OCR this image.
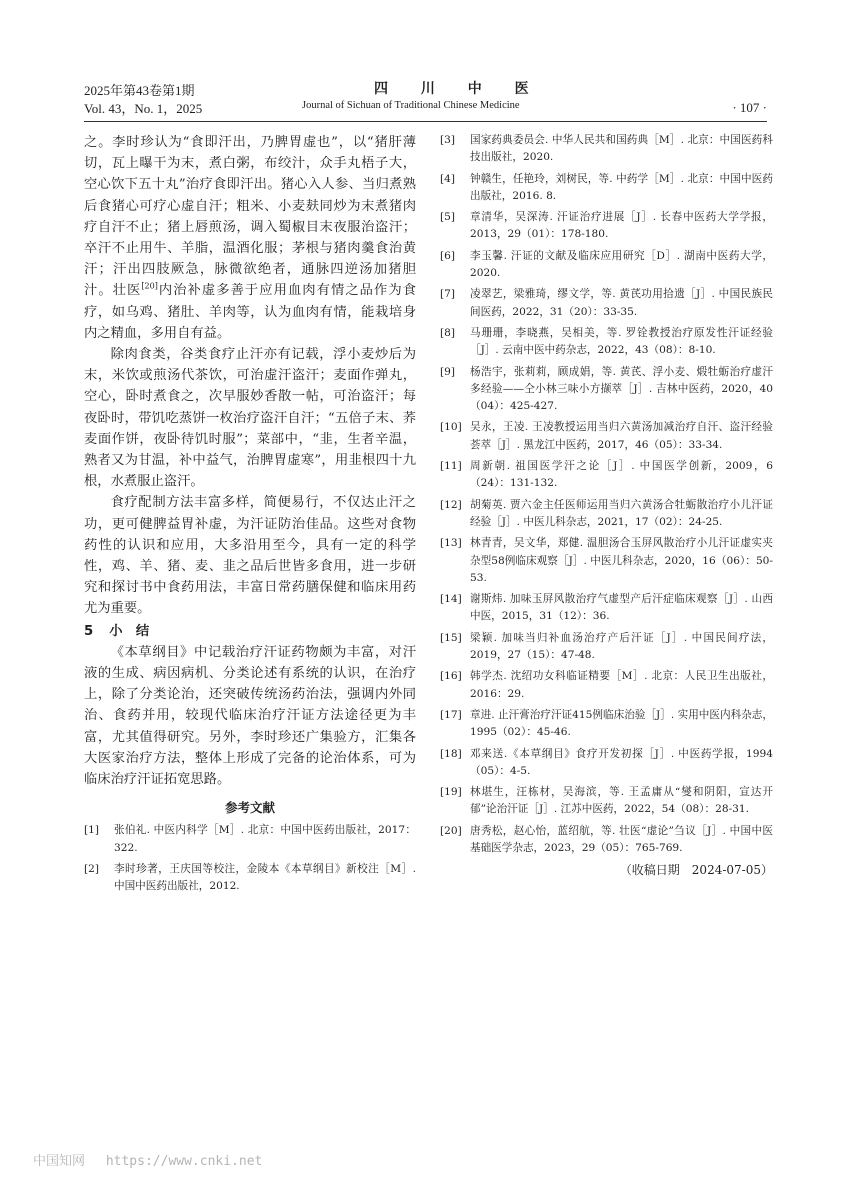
2025年第43卷第1期
Vol. 43，No. 1，2025
四 川 中 医
Journal of Sichuan of Traditional Chinese Medicine	· 107 ·

之。李时珍认为“食即汗出，乃脾胃虚也”，以“猪肝薄切，瓦上曝干为末，煮白粥，布绞汁，众手丸梧子大，空心饮下五十丸”治疗食即汗出。猪心入人参、当归煮熟后食猪心可疗心虚自汗；粗米、小麦麸同炒为末煮猪肉疗自汗不止；猪上唇煎汤，调入蜀椒目末夜服治盗汗；卒汗不止用牛、羊脂，温酒化服；茅根与猪肉羹食治黄汗；汗出四肢厥急，脉微欲绝者，通脉四逆汤加猪胆汁。壮医[20]内治补虚多善于应用血肉有情之品作为食疗，如乌鸡、猪肚、羊肉等，认为血肉有情，能栽培身内之精血，多用自有益。

除肉食类，谷类食疗止汗亦有记载，浮小麦炒后为末，米饮或煎汤代茶饮，可治虚汗盗汗；麦面作弹丸，空心，卧时煮食之，次早服妙香散一帖，可治盗汗；每夜卧时，带饥吃蒸饼一枚治疗盗汗自汗；“五倍子末、荞麦面作饼，夜卧待饥时服”；菜部中，“韭，生者辛温，熟者又为甘温，补中益气，治脾胃虚寒”，用韭根四十九根，水煮服止盗汗。

食疗配制方法丰富多样，简便易行，不仅达止汗之功，更可健脾益胃补虚，为汗证防治佳品。这些对食物药性的认识和应用，大多沿用至今，具有一定的科学性，鸡、羊、猪、麦、韭之品后世皆多食用，进一步研究和探讨书中食药用法，丰富日常药膳保健和临床用药尤为重要。

5 小　结

《本草纲目》中记载治疗汗证药物颇为丰富，对汗液的生成、病因病机、分类论述有系统的认识，在治疗上，除了分类论治，还突破传统汤药治法，强调内外同治、食药并用，较现代临床治疗汗证方法途径更为丰富，尤其值得研究。另外，李时珍还广集验方，汇集各大医家治疗方法，整体上形成了完备的论治体系，可为临床治疗汗证拓宽思路。

参考文献
[1] 张伯礼. 中医内科学［M］. 北京：中国中医药出版社，2017：322.
[2] 李时珍著，王庆国等校注，金陵本《本草纲目》新校注［M］. 中国中医药出版社，2012.
[3] 国家药典委员会. 中华人民共和国药典［M］. 北京：中国医药科技出版社，2020.
[4] 钟赣生，任艳玲，刘树民，等. 中药学［M］. 北京：中国中医药出版社，2016. 8.
[5] 章清华，吴深涛. 汗证治疗进展［J］. 长春中医药大学学报，2013，29（01）：178-180.
[6] 李玉馨. 汗证的文献及临床应用研究［D］. 湖南中医药大学，2020.
[7] 凌翠艺，梁雅琦，缪文学，等. 黄芪功用拾遗［J］. 中国民族民间医药，2022，31（20）：33-35.
[8] 马珊珊，李晓燕，吴相美，等. 罗铨教授治疗原发性汗证经验［J］. 云南中医中药杂志，2022，43（08）：8-10.
[9] 杨浩宇，张莉莉，顾成娟，等. 黄芪、浮小麦、煅牡蛎治疗虚汗多经验——仝小林三味小方撷萃［J］. 吉林中医药，2020，40（04）：425-427.
[10] 吴永，王凌. 王凌教授运用当归六黄汤加减治疗自汗、盗汗经验荟萃［J］. 黑龙江中医药，2017，46（05）：33-34.
[11] 周新朝. 祖国医学汗之论［J］. 中国医学创新，2009，6（24）：131-132.
[12] 胡菊英. 贾六金主任医师运用当归六黄汤合牡蛎散治疗小儿汗证经验［J］. 中医儿科杂志，2021，17（02）：24-25.
[13] 林青青，吴文华，郑健. 温胆汤合玉屏风散治疗小儿汗证虚实夹杂型58例临床观察［J］. 中医儿科杂志，2020，16（06）：50-53.
[14] 谢斯炜. 加味玉屏风散治疗气虚型产后汗症临床观察［J］. 山西中医，2015，31（12）：36.
[15] 梁颖. 加味当归补血汤治疗产后汗证［J］. 中国民间疗法，2019，27（15）：47-48.
[16] 韩学杰. 沈绍功女科临证精要［M］. 北京：人民卫生出版社，2016：29.
[17] 章进. 止汗膏治疗汗证415例临床治验［J］. 实用中医内科杂志，1995（02）：45-46.
[18] 邓来送.《本草纲目》食疗开发初探［J］. 中医药学报，1994（05）：4-5.
[19] 林堪生，汪栋材，吴海滨，等. 王孟庸从“燮和阴阳，宣达开郁”论治汗证［J］. 江苏中医药，2022，54（08）：28-31.
[20] 唐秀松，赵心怡，蓝绍航，等. 壮医“虚论”刍议［J］. 中国中医基础医学杂志，2023，29（05）：765-769.
（收稿日期　2024-07-05）
中国知网　 https://www.cnki.net
